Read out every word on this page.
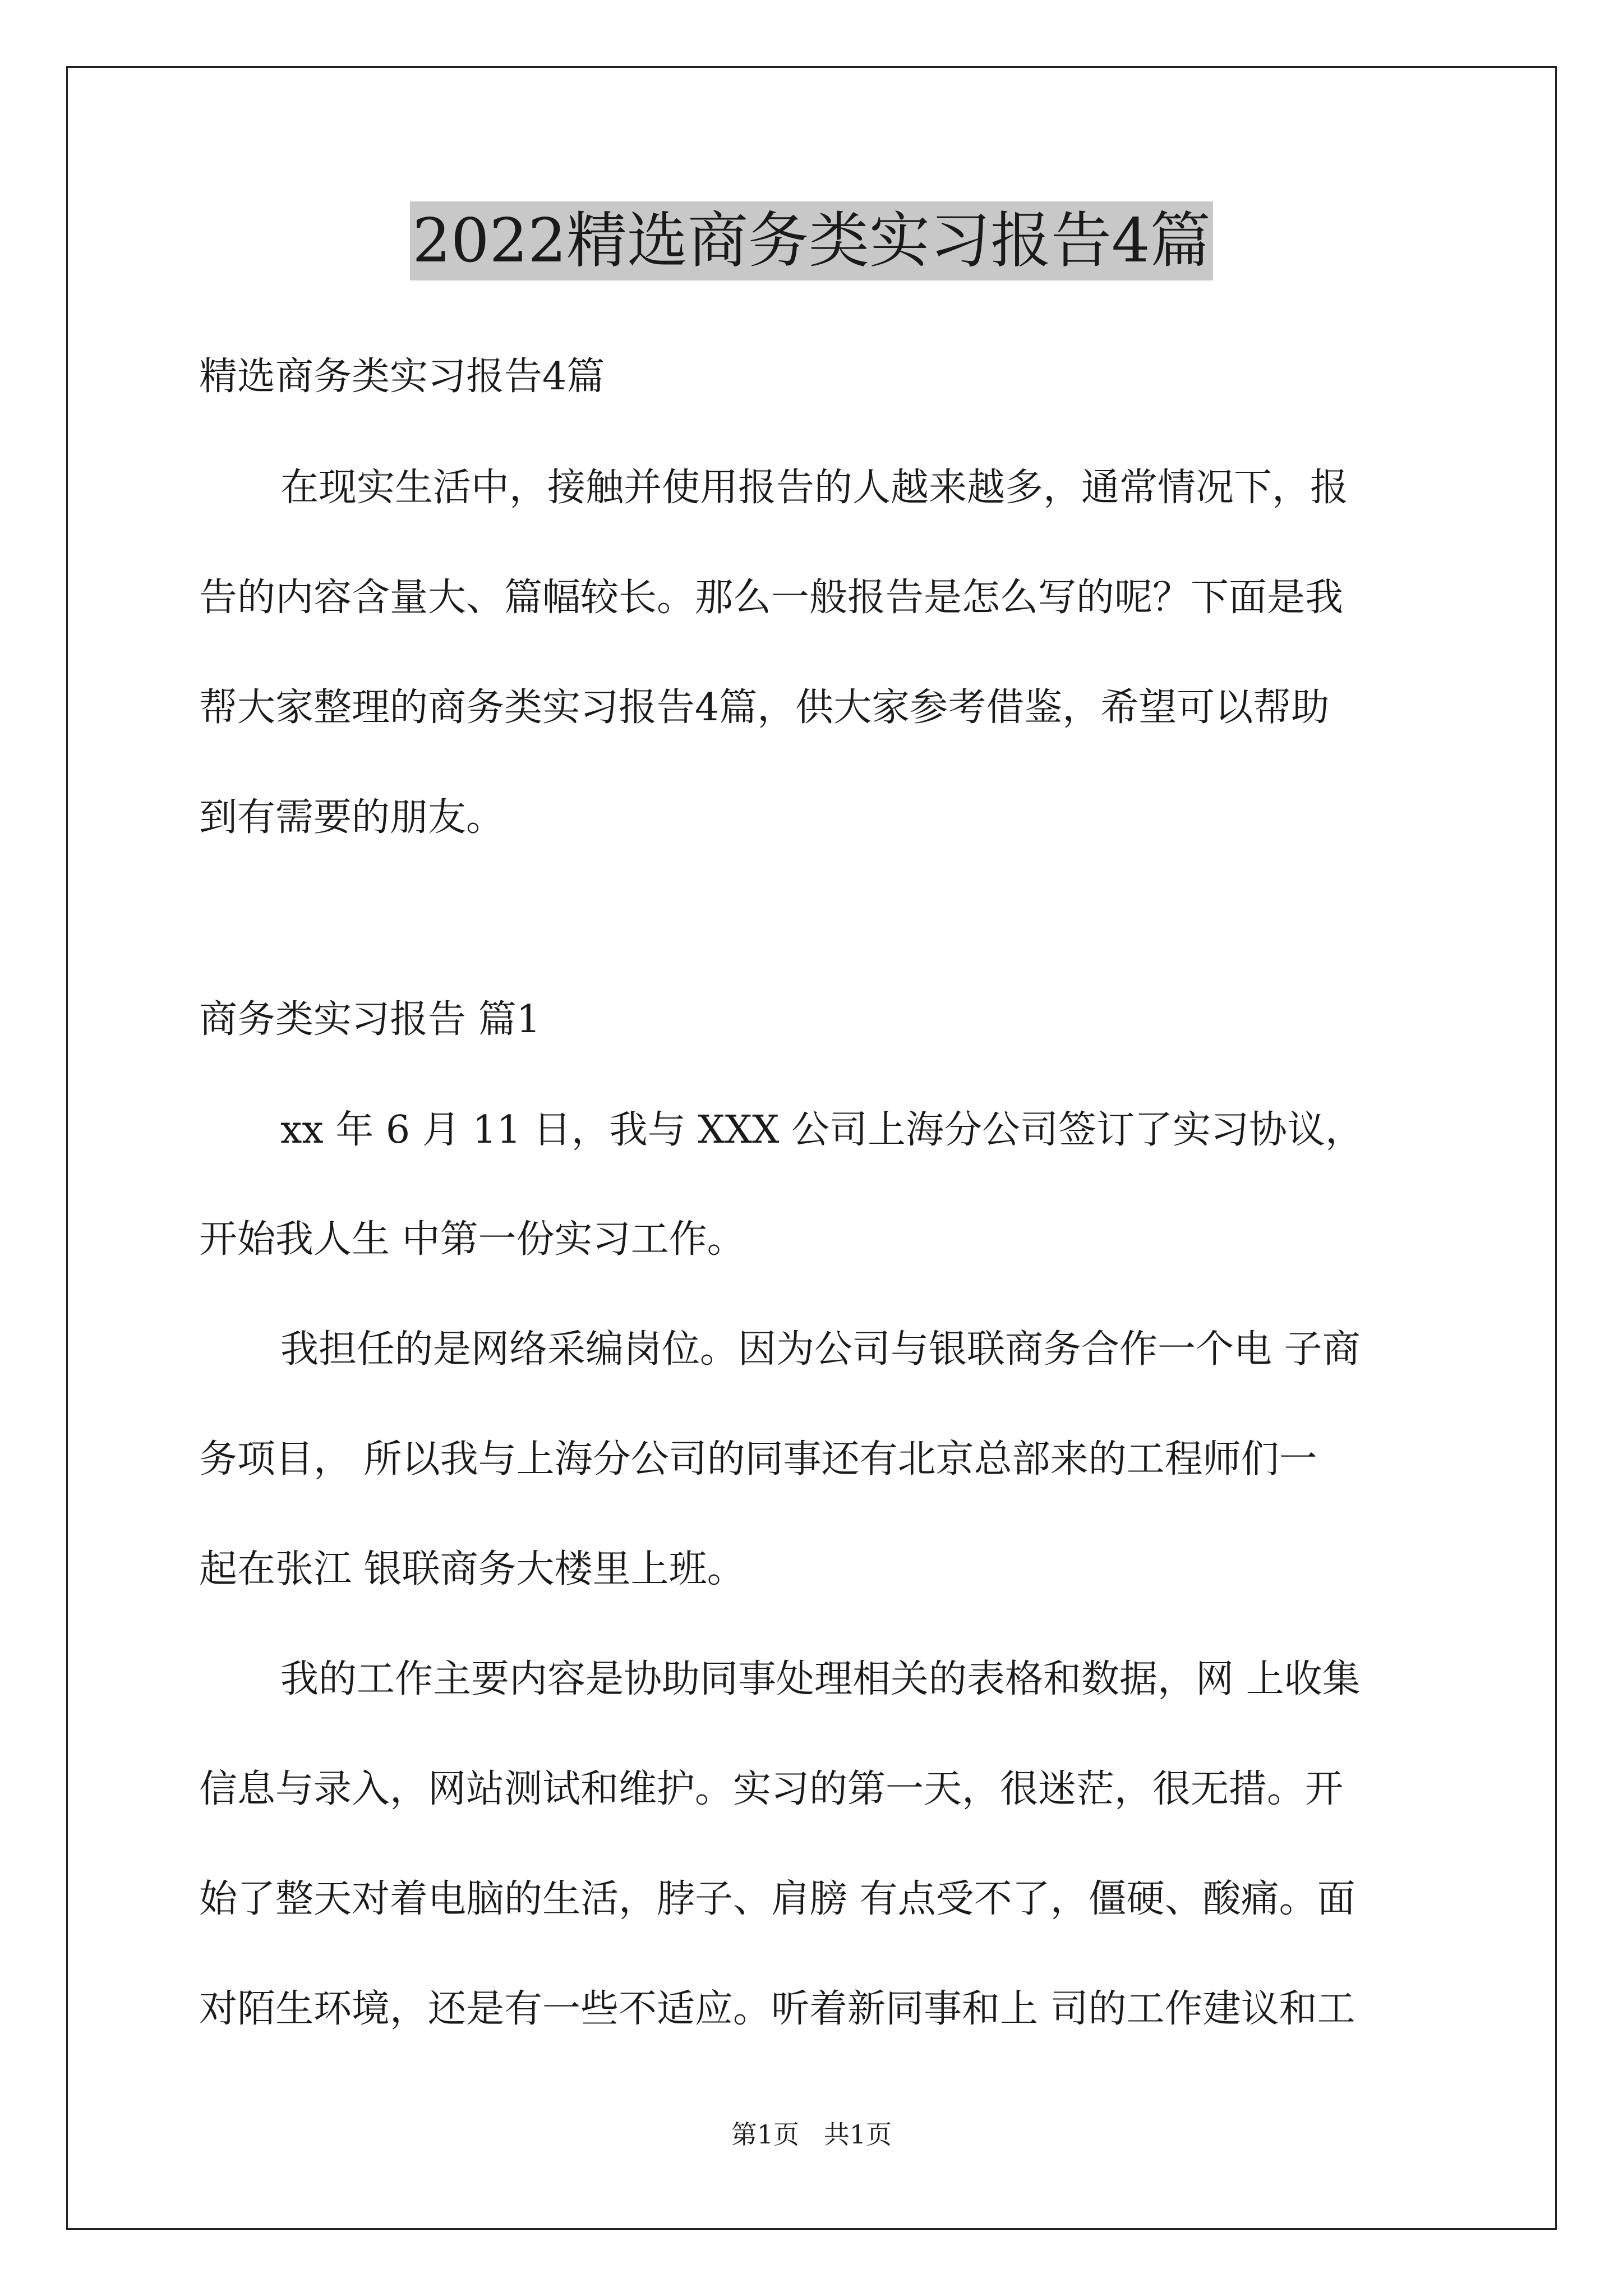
2022精选商务类实习报告4篇

精选商务类实习报告4篇

在现实生活中，接触并使用报告的人越来越多，通常情况下，报

告的内容含量大、篇幅较长。那么一般报告是怎么写的呢？下面是我

帮大家整理的商务类实习报告4篇，供大家参考借鉴，希望可以帮助

到有需要的朋友。

商务类实习报告 篇1

xx 年 6 月 11 日，我与 XXX 公司上海分公司签订了实习协议，

开始我人生 中第一份实习工作。

我担任的是网络采编岗位。因为公司与银联商务合作一个电 子商

务项目， 所以我与上海分公司的同事还有北京总部来的工程师们一

起在张江 银联商务大楼里上班。

我的工作主要内容是协助同事处理相关的表格和数据，网 上收集

信息与录入，网站测试和维护。实习的第一天，很迷茫，很无措。开

始了整天对着电脑的生活，脖子、肩膀 有点受不了，僵硬、酸痛。面

对陌生环境，还是有一些不适应。听着新同事和上 司的工作建议和工

第1页   共1页
